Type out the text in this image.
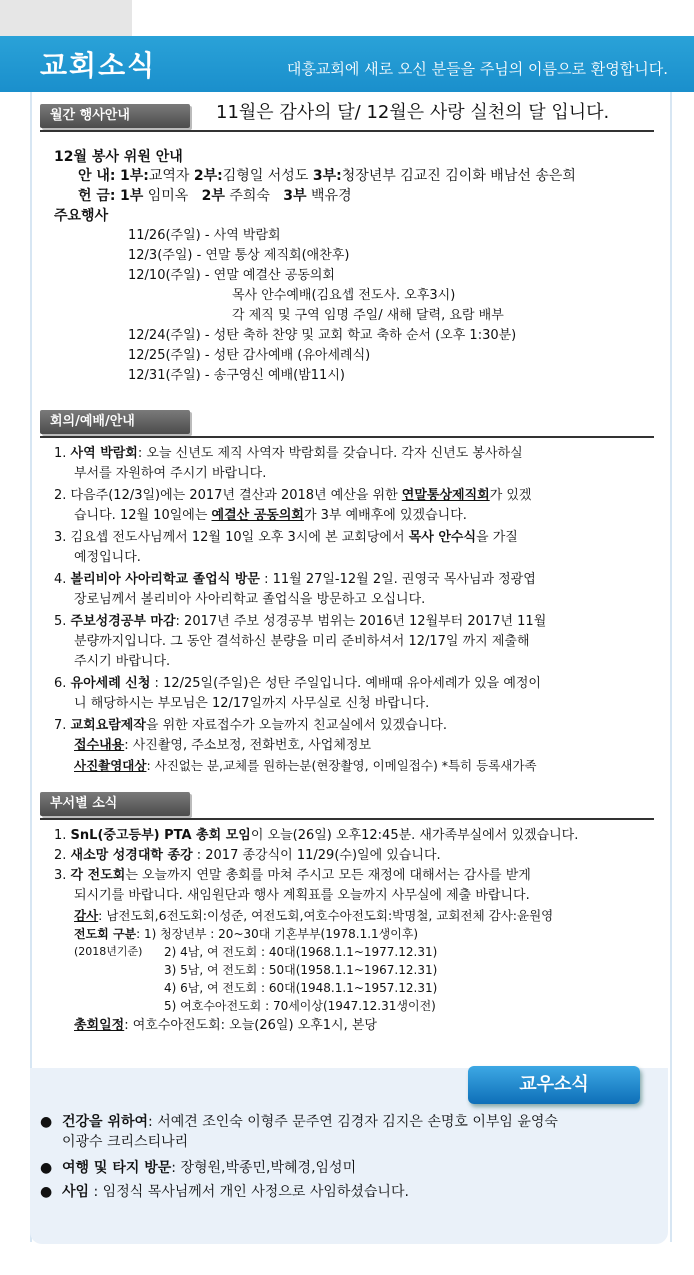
교회소식	대흥교회에 새로 오신 분들을 주님의 이름으로 환영합니다.
월간 행사안내	11월은 감사의 달/ 12월은 사랑 실천의 달 입니다.
12월 봉사 위원 안내
안 내: 1부:교역자 2부:김형일 서성도 3부:청장년부 김교진 김이화 배남선 송은희
헌 금: 1부 임미옥 2부 주희숙 3부 백유경
주요행사
11/26(주일) - 사역 박람회
12/3(주일) - 연말 통상 제직회(애찬후)
12/10(주일) - 연말 예결산 공동의회
목사 안수예배(김요셉 전도사. 오후3시)
각 제직 및 구역 임명 주일/ 새해 달력, 요람 배부
12/24(주일) - 성탄 축하 찬양 및 교회 학교 축하 순서 (오후 1:30분)
12/25(주일) - 성탄 감사예배 (유아세례식)
12/31(주일) - 송구영신 예배(밤11시)
회의/예배/안내
1. 사역 박람회: 오늘 신년도 제직 사역자 박람회를 갖습니다. 각자 신년도 봉사하실
부서를 자원하여 주시기 바랍니다.
2. 다음주(12/3일)에는 2017년 결산과 2018년 예산을 위한 연말통상제직회가 있겠
습니다. 12월 10일에는 예결산 공동의회가 3부 예배후에 있겠습니다.
3. 김요셉 전도사님께서 12월 10일 오후 3시에 본 교회당에서 목사 안수식을 가질
예정입니다.
4. 볼리비아 사아리학교 졸업식 방문 : 11월 27일-12월 2일. 권영국 목사님과 정광엽
장로님께서 볼리비아 사아리학교 졸업식을 방문하고 오십니다.
5. 주보성경공부 마감: 2017년 주보 성경공부 범위는 2016년 12월부터 2017년 11월
분량까지입니다. 그 동안 결석하신 분량을 미리 준비하셔서 12/17일 까지 제출해
주시기 바랍니다.
6. 유아세례 신청 : 12/25일(주일)은 성탄 주일입니다. 예배때 유아세례가 있을 예정이
니 해당하시는 부모님은 12/17일까지 사무실로 신청 바랍니다.
7. 교회요람제작을 위한 자료접수가 오늘까지 친교실에서 있겠습니다.
접수내용: 사진촬영, 주소보정, 전화번호, 사업체정보
사진촬영대상: 사진없는 분,교체를 원하는분(현장촬영, 이메일접수) *특히 등록새가족
부서별 소식
1. SnL(중고등부) PTA 총회 모임이 오늘(26일) 오후12:45분. 새가족부실에서 있겠습니다.
2. 새소망 성경대학 종강 : 2017 종강식이 11/29(수)일에 있습니다.
3. 각 전도회는 오늘까지 연말 총회를 마쳐 주시고 모든 재정에 대해서는 감사를 받게
되시기를 바랍니다. 새임원단과 행사 계획표를 오늘까지 사무실에 제출 바랍니다.
감사: 남전도회,6전도회:이성준, 여전도회,여호수아전도회:박명철, 교회전체 감사:윤원영
전도회 구분: 1) 청장년부 : 20~30대 기혼부부(1978.1.1생이후)
(2018년기준) 2) 4남, 여 전도회 : 40대(1968.1.1~1977.12.31)
3) 5남, 여 전도회 : 50대(1958.1.1~1967.12.31)
4) 6남, 여 전도회 : 60대(1948.1.1~1957.12.31)
5) 여호수아전도회 : 70세이상(1947.12.31생이전)
총회일정: 여호수아전도회: 오늘(26일) 오후1시, 본당
교우소식
● 건강을 위하여: 서예견 조인숙 이형주 문주연 김경자 김지은 손명호 이부임 윤영숙
이광수 크리스티나리
● 여행 및 타지 방문: 장형원,박종민,박혜경,임성미
● 사임 : 임정식 목사님께서 개인 사정으로 사임하셨습니다.
